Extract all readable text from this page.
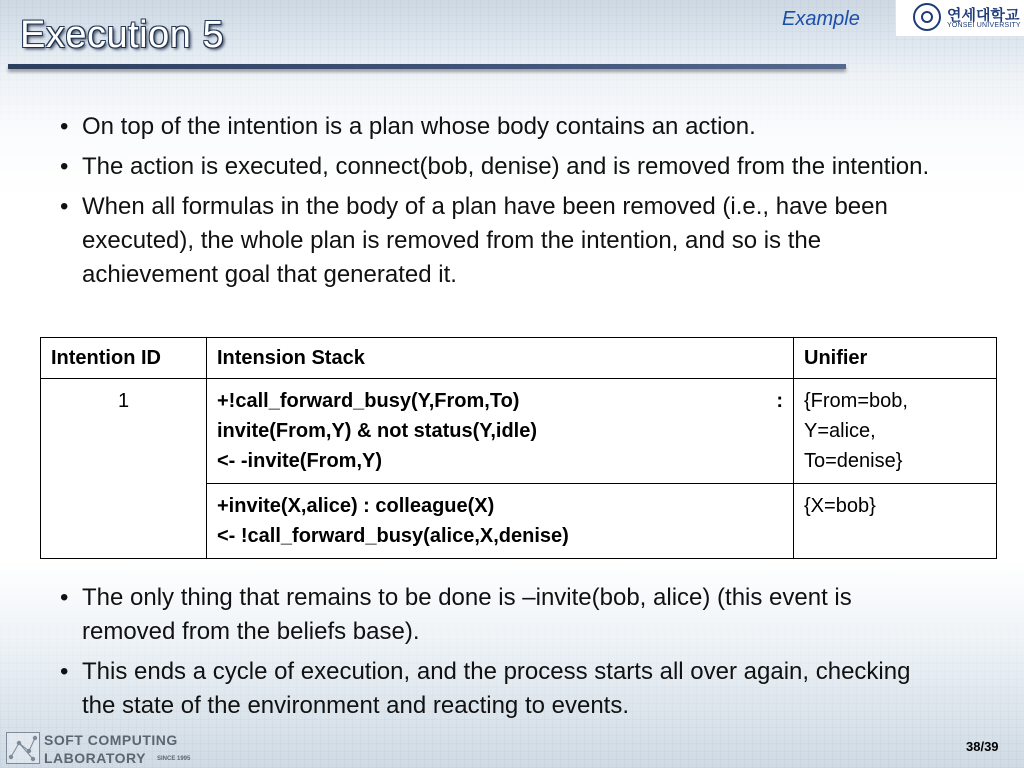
Execution 5	Example	연세대학교
YONSEI UNIVERSITY
• On top of the intention is a plan whose body contains an action.
• The action is executed, connect(bob, denise) and is removed from the intention.
• When all formulas in the body of a plan have been removed (i.e., have been executed), the whole plan is removed from the intention, and so is the achievement goal that generated it.
Intention ID	Intension Stack	Unifier
1	+!call_forward_busy(Y,From,To) :
invite(From,Y) & not status(Y,idle)
<- -invite(From,Y)	{From=bob,
Y=alice,
To=denise}

	+invite(X,alice) : colleague(X)
<- !call_forward_busy(alice,X,denise)	{X=bob}
• The only thing that remains to be done is –invite(bob, alice) (this event is removed from the beliefs base).
• This ends a cycle of execution, and the process starts all over again, checking the state of the environment and reacting to events.
SOFT COMPUTING
LABORATORY SINCE 1995
38/39
